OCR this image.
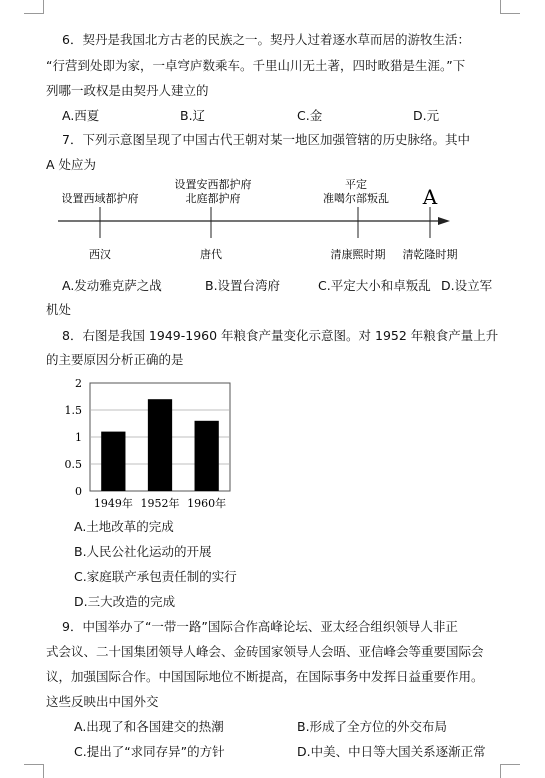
6．契丹是我国北方古老的民族之一。契丹人过着逐水草而居的游牧生活：
“行营到处即为家，一卓穹庐数乘车。千里山川无土著，四时畋猎是生涯。”下
列哪一政权是由契丹人建立的
A.西夏	B.辽	C.金	D.元
7．下列示意图呈现了中国古代王朝对某一地区加强管辖的历史脉络。其中
A 处应为
设置西域都护府
设置安西都护府
北庭都护府
平定
准噶尔部叛乱 A
西汉	唐代	清康熙时期 清乾隆时期
A.发动雅克萨之战	B.设置台湾府	C.平定大小和卓叛乱 D.设立军
机处
8．右图是我国 1949-1960 年粮食产量变化示意图。对 1952 年粮食产量上升
的主要原因分析正确的是
0
0.5
1
1.5
2
1949年 1952年 1960年
A.土地改革的完成
B.人民公社化运动的开展
C.家庭联产承包责任制的实行
D.三大改造的完成
9．中国举办了“一带一路”国际合作高峰论坛、亚太经合组织领导人非正
式会议、二十国集团领导人峰会、金砖国家领导人会晤、亚信峰会等重要国际会
议，加强国际合作。中国国际地位不断提高，在国际事务中发挥日益重要作用。
这些反映出中国外交
A.出现了和各国建交的热潮	B.形成了全方位的外交布局
C.提出了“求同存异”的方针	D.中美、中日等大国关系逐渐正常
